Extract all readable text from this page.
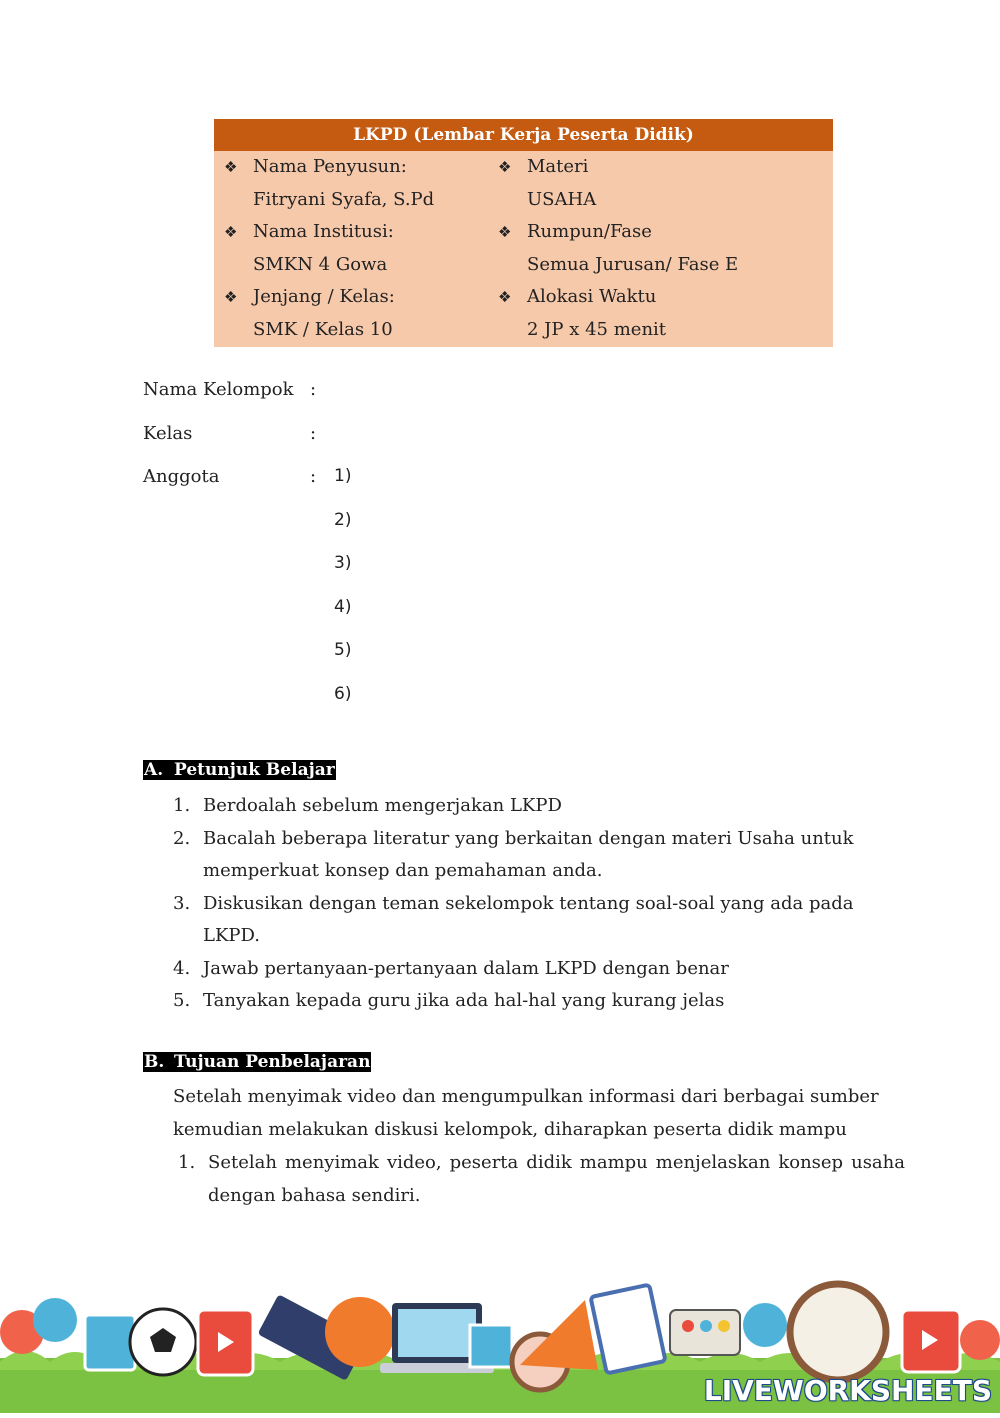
LKPD (Lembar Kerja Peserta Didik)
❖ Nama Penyusun:
Fitryani Syafa, S.Pd
❖ Nama Institusi:
SMKN 4 Gowa
❖ Jenjang / Kelas:
SMK / Kelas 10
❖ Materi
USAHA
❖ Rumpun/Fase
Semua Jurusan/ Fase E
❖ Alokasi Waktu
2 JP x 45 menit
Nama Kelompok :
Kelas	:
Anggota	: 1)
2)
3)
4)
5)
6)
A. Petunjuk Belajar
1. Berdoalah sebelum mengerjakan LKPD
2. Bacalah beberapa literatur yang berkaitan dengan materi Usaha untuk memperkuat konsep dan pemahaman anda.
3. Diskusikan dengan teman sekelompok tentang soal-soal yang ada pada LKPD.
4. Jawab pertanyaan-pertanyaan dalam LKPD dengan benar
5. Tanyakan kepada guru jika ada hal-hal yang kurang jelas
B. Tujuan Penbelajaran

Setelah menyimak video dan mengumpulkan informasi dari berbagai sumber kemudian melakukan diskusi kelompok, diharapkan peserta didik mampu

1. Setelah menyimak video, peserta didik mampu menjelaskan konsep usaha dengan bahasa sendiri.
LIVEWORKSHEETS
